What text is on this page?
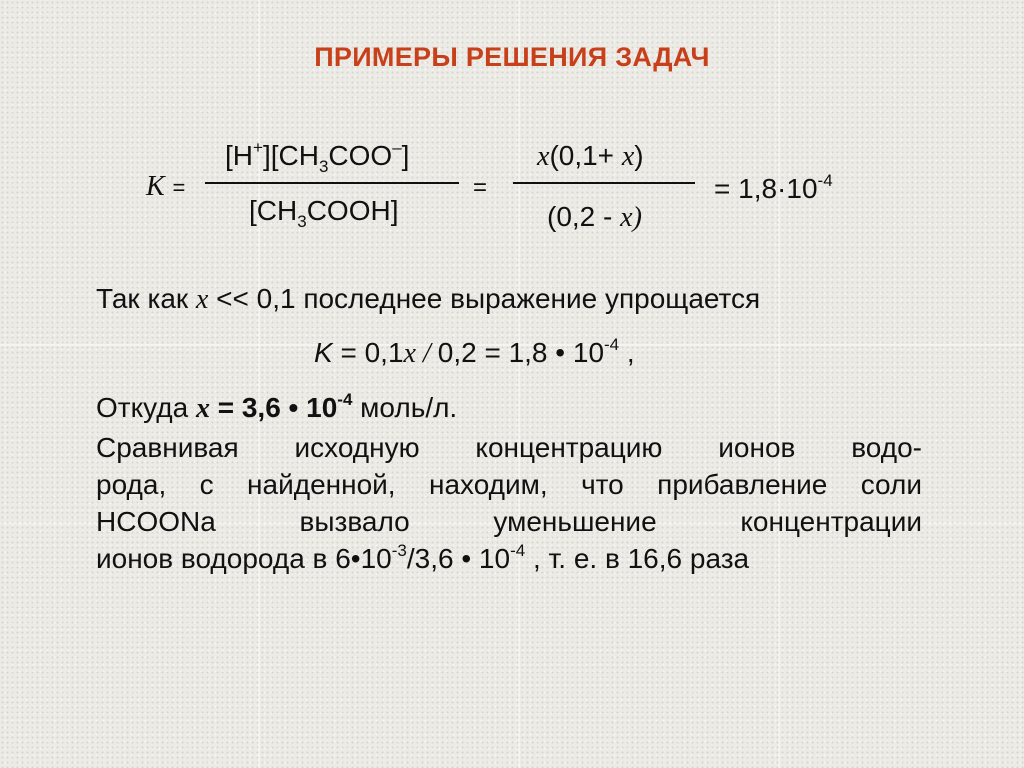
ПРИМЕРЫ РЕШЕНИЯ ЗАДАЧ
K =
$[H^+][CH_3COO^-]$
$[CH_3COOH]$
=
x(0,1+ x)
(0,2 - x)
= $1,8\cdot 10^{-4}$
Так как x << 0,1 последнее выражение упрощается
K = 0,1x / 0,2 = 1,8 • $10^{-4}$ ,
Откуда x = 3,6 • $10^{-4}$ моль/л.
Сравнивая исходную концентрацию ионов водо-
рода, с найденной, находим, что прибавление соли
HCOONa вызвало уменьшение концентрации
ионов водорода в $6•10^{-3}/3,6$ • $10^{-4}$ , т. е. в 16,6 раза
